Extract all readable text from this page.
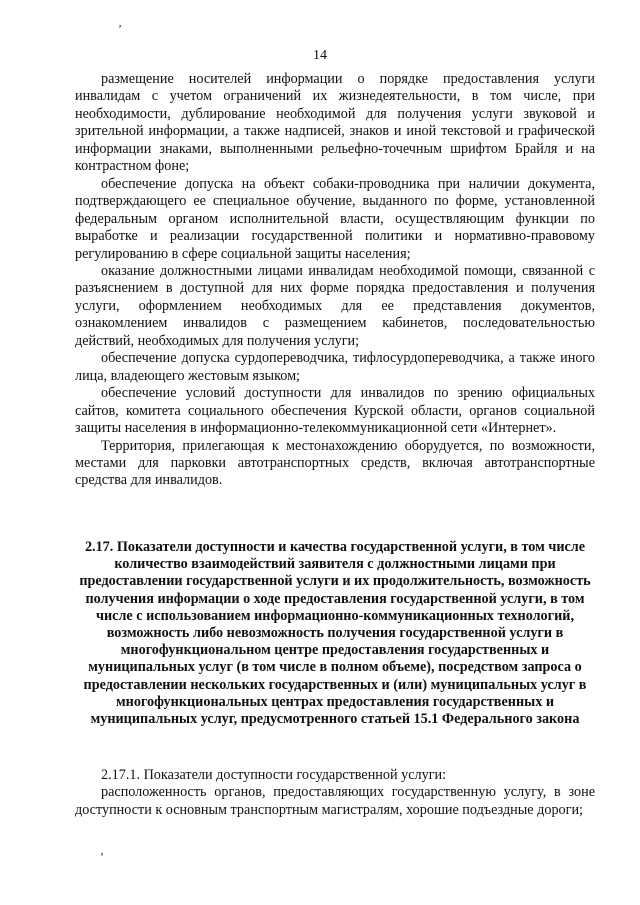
14
ʼ

размещение носителей информации о порядке предоставления услуги инвалидам с учетом ограничений их жизнедеятельности, в том числе, при необходимости, дублирование необходимой для получения услуги звуковой и зрительной информации, а также надписей, знаков и иной текстовой и графической информации знаками, выполненными рельефно-точечным шрифтом Брайля и на контрастном фоне;

обеспечение допуска на объект собаки-проводника при наличии документа, подтверждающего ее специальное обучение, выданного по форме, установленной федеральным органом исполнительной власти, осуществляющим функции по выработке и реализации государственной политики и нормативно-правовому регулированию в сфере социальной защиты населения;

оказание должностными лицами инвалидам необходимой помощи, связанной с разъяснением в доступной для них форме порядка предоставления и получения услуги, оформлением необходимых для ее представления документов, ознакомлением инвалидов с размещением кабинетов, последовательностью действий, необходимых для получения услуги;

обеспечение допуска сурдопереводчика, тифлосурдопереводчика, а также иного лица, владеющего жестовым языком;

обеспечение условий доступности для инвалидов по зрению официальных сайтов, комитета социального обеспечения Курской области, органов социальной защиты населения в информационно-телекоммуникационной сети «Интернет».

Территория, прилегающая к местонахождению оборудуется, по возможности, местами для парковки автотранспортных средств, включая автотранспортные средства для инвалидов.

2.17. Показатели доступности и качества государственной услуги, в том числе количество взаимодействий заявителя с должностными лицами при предоставлении государственной услуги и их продолжительность, возможность получения информации о ходе предоставления государственной услуги, в том числе с использованием информационно-коммуникационных технологий, возможность либо невозможность получения государственной услуги в многофункциональном центре предоставления государственных и муниципальных услуг (в том числе в полном объеме), посредством запроса о предоставлении нескольких государственных и (или) муниципальных услуг в многофункциональных центрах предоставления государственных и муниципальных услуг, предусмотренного статьей 15.1 Федерального закона

2.17.1. Показатели доступности государственной услуги:

расположенность органов, предоставляющих государственную услугу, в зоне доступности к основным транспортным магистралям, хорошие подъездные дороги;

ʼ
